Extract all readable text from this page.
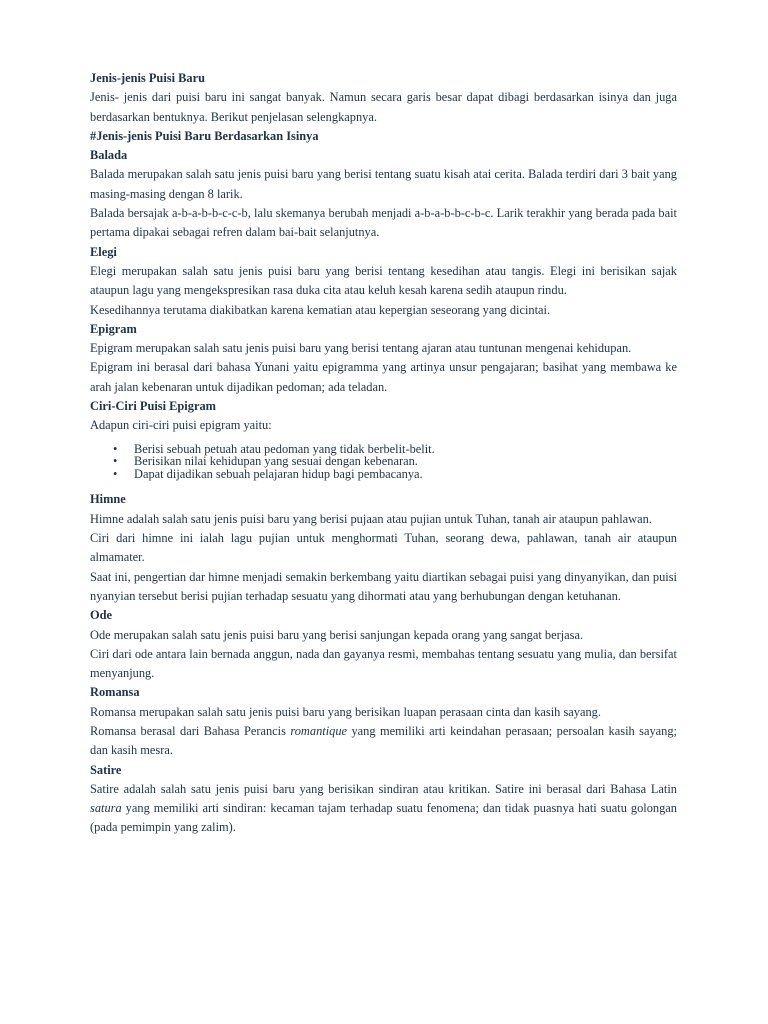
Jenis-jenis Puisi Baru

Jenis- jenis dari puisi baru ini sangat banyak. Namun secara garis besar dapat dibagi berdasarkan isinya dan juga berdasarkan bentuknya. Berikut penjelasan selengkapnya.

#Jenis-jenis Puisi Baru Berdasarkan Isinya

Balada

Balada merupakan salah satu jenis puisi baru yang berisi tentang suatu kisah atai cerita. Balada terdiri dari 3 bait yang masing-masing dengan 8 larik.

Balada bersajak a-b-a-b-b-c-c-b, lalu skemanya berubah menjadi a-b-a-b-b-c-b-c. Larik terakhir yang berada pada bait pertama dipakai sebagai refren dalam bai-bait selanjutnya.

Elegi

Elegi merupakan salah satu jenis puisi baru yang berisi tentang kesedihan atau tangis. Elegi ini berisikan sajak ataupun lagu yang mengekspresikan rasa duka cita atau keluh kesah karena sedih ataupun rindu.

Kesedihannya terutama diakibatkan karena kematian atau kepergian seseorang yang dicintai.

Epigram

Epigram merupakan salah satu jenis puisi baru yang berisi tentang ajaran atau tuntunan mengenai kehidupan.

Epigram ini berasal dari bahasa Yunani yaitu epigramma yang artinya unsur pengajaran; basihat yang membawa ke arah jalan kebenaran untuk dijadikan pedoman; ada teladan.

Ciri-Ciri Puisi Epigram

Adapun ciri-ciri puisi epigram yaitu:

• Berisi sebuah petuah atau pedoman yang tidak berbelit-belit.
• Berisikan nilai kehidupan yang sesuai dengan kebenaran.
• Dapat dijadikan sebuah pelajaran hidup bagi pembacanya.

Himne

Himne adalah salah satu jenis puisi baru yang berisi pujaan atau pujian untuk Tuhan, tanah air ataupun pahlawan.

Ciri dari himne ini ialah lagu pujian untuk menghormati Tuhan, seorang dewa, pahlawan, tanah air ataupun almamater.

Saat ini, pengertian dar himne menjadi semakin berkembang yaitu diartikan sebagai puisi yang dinyanyikan, dan puisi nyanyian tersebut berisi pujian terhadap sesuatu yang dihormati atau yang berhubungan dengan ketuhanan.

Ode

Ode merupakan salah satu jenis puisi baru yang berisi sanjungan kepada orang yang sangat berjasa.

Ciri dari ode antara lain bernada anggun, nada dan gayanya resmi, membahas tentang sesuatu yang mulia, dan bersifat menyanjung.

Romansa

Romansa merupakan salah satu jenis puisi baru yang berisikan luapan perasaan cinta dan kasih sayang.

Romansa berasal dari Bahasa Perancis romantique yang memiliki arti keindahan perasaan; persoalan kasih sayang; dan kasih mesra.

Satire

Satire adalah salah satu jenis puisi baru yang berisikan sindiran atau kritikan. Satire ini berasal dari Bahasa Latin satura yang memiliki arti sindiran: kecaman tajam terhadap suatu fenomena; dan tidak puasnya hati suatu golongan (pada pemimpin yang zalim).
